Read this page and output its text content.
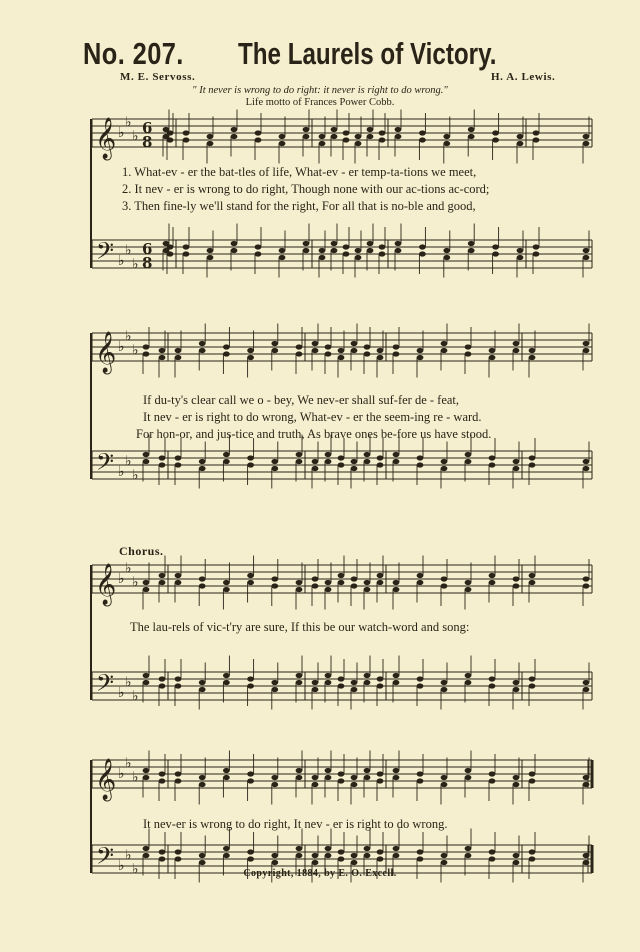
No. 207. The Laurels of Victory.
M. E. Servoss.	H. A. Lewis.
" It never is wrong to do right: it never is right to do wrong."
Life motto of Frances Power Cobb.
𝄞 ♭
♭
♭ 6
8
𝄢 ♭
♭
♭
6
8
𝄞 ♭
♭
♭
𝄢 ♭
♭
♭
𝄞 ♭
♭
♭
𝄢 ♭
♭
♭
𝄞 ♭
♭
♭
𝄢 ♭
♭
♭
1. What-ev - er the bat-tles of life, What-ev - er temp-ta-tions we meet,
2. It nev - er is wrong to do right, Though none with our ac-tions ac-cord;
3. Then fine-ly we'll stand for the right, For all that is no-ble and good,
If du-ty's clear call we o - bey, We nev-er shall suf-fer de - feat,
It nev - er is right to do wrong, What-ev - er the seem-ing re - ward.
For hon-or, and jus-tice and truth, As brave ones be-fore us have stood.
Chorus.
The lau-rels of vic-t'ry are sure, If this be our watch-word and song:
It nev-er is wrong to do right, It nev - er is right to do wrong.
Copyright, 1884, by E. O. Excell.
